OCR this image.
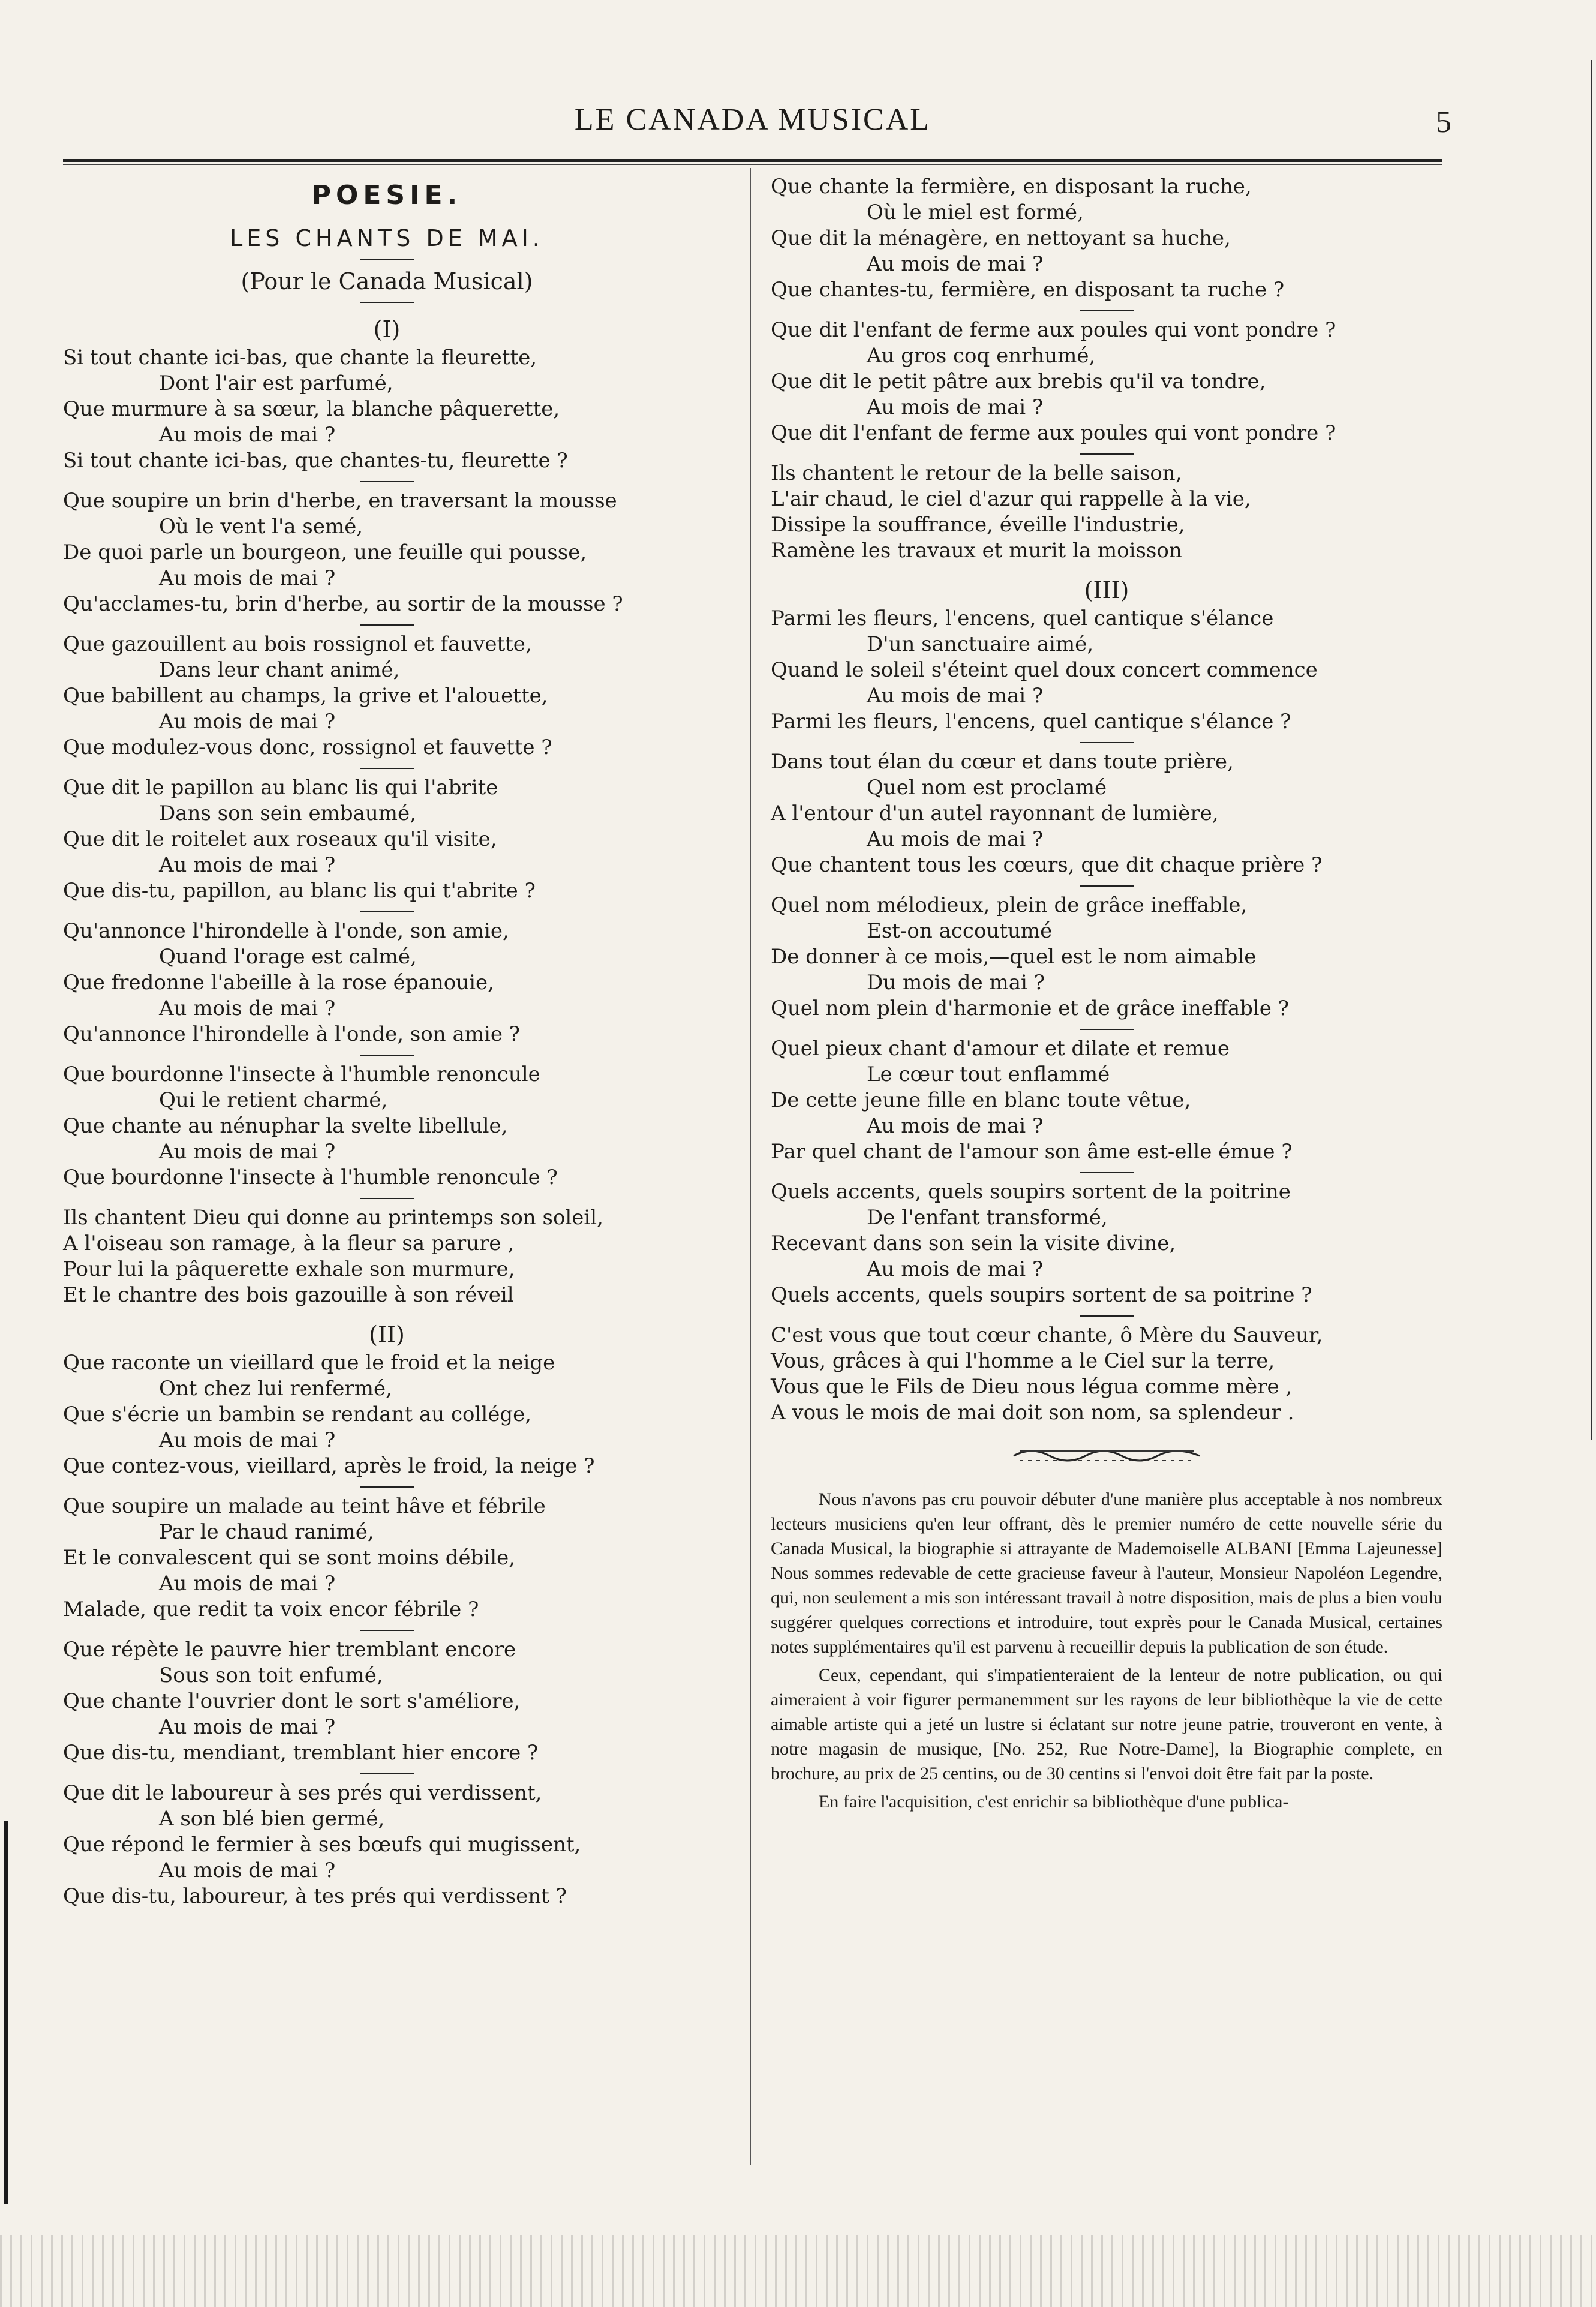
LE CANADA MUSICAL	5
POESIE.
LES CHANTS DE MAI.
(Pour le Canada Musical)
(I)
Si tout chante ici-bas, que chante la fleurette,
Dont l'air est parfumé,
Que murmure à sa sœur, la blanche pâquerette,
Au mois de mai ?
Si tout chante ici-bas, que chantes-tu, fleurette ?
Que soupire un brin d'herbe, en traversant la mousse
Où le vent l'a semé,
De quoi parle un bourgeon, une feuille qui pousse,
Au mois de mai ?
Qu'acclames-tu, brin d'herbe, au sortir de la mousse ?
Que gazouillent au bois rossignol et fauvette,
Dans leur chant animé,
Que babillent au champs, la grive et l'alouette,
Au mois de mai ?
Que modulez-vous donc, rossignol et fauvette ?
Que dit le papillon au blanc lis qui l'abrite
Dans son sein embaumé,
Que dit le roitelet aux roseaux qu'il visite,
Au mois de mai ?
Que dis-tu, papillon, au blanc lis qui t'abrite ?
Qu'annonce l'hirondelle à l'onde, son amie,
Quand l'orage est calmé,
Que fredonne l'abeille à la rose épanouie,
Au mois de mai ?
Qu'annonce l'hirondelle à l'onde, son amie ?
Que bourdonne l'insecte à l'humble renoncule
Qui le retient charmé,
Que chante au nénuphar la svelte libellule,
Au mois de mai ?
Que bourdonne l'insecte à l'humble renoncule ?
Ils chantent Dieu qui donne au printemps son soleil,
A l'oiseau son ramage, à la fleur sa parure ,
Pour lui la pâquerette exhale son murmure,
Et le chantre des bois gazouille à son réveil
(II)
Que raconte un vieillard que le froid et la neige
Ont chez lui renfermé,
Que s'écrie un bambin se rendant au collége,
Au mois de mai ?
Que contez-vous, vieillard, après le froid, la neige ?
Que soupire un malade au teint hâve et fébrile
Par le chaud ranimé,
Et le convalescent qui se sont moins débile,
Au mois de mai ?
Malade, que redit ta voix encor fébrile ?
Que répète le pauvre hier tremblant encore
Sous son toit enfumé,
Que chante l'ouvrier dont le sort s'améliore,
Au mois de mai ?
Que dis-tu, mendiant, tremblant hier encore ?
Que dit le laboureur à ses prés qui verdissent,
A son blé bien germé,
Que répond le fermier à ses bœufs qui mugissent,
Au mois de mai ?
Que dis-tu, laboureur, à tes prés qui verdissent ?
Que chante la fermière, en disposant la ruche,
Où le miel est formé,
Que dit la ménagère, en nettoyant sa huche,
Au mois de mai ?
Que chantes-tu, fermière, en disposant ta ruche ?
Que dit l'enfant de ferme aux poules qui vont pondre ?
Au gros coq enrhumé,
Que dit le petit pâtre aux brebis qu'il va tondre,
Au mois de mai ?
Que dit l'enfant de ferme aux poules qui vont pondre ?
Ils chantent le retour de la belle saison,
L'air chaud, le ciel d'azur qui rappelle à la vie,
Dissipe la souffrance, éveille l'industrie,
Ramène les travaux et murit la moisson
(III)
Parmi les fleurs, l'encens, quel cantique s'élance
D'un sanctuaire aimé,
Quand le soleil s'éteint quel doux concert commence
Au mois de mai ?
Parmi les fleurs, l'encens, quel cantique s'élance ?
Dans tout élan du cœur et dans toute prière,
Quel nom est proclamé
A l'entour d'un autel rayonnant de lumière,
Au mois de mai ?
Que chantent tous les cœurs, que dit chaque prière ?
Quel nom mélodieux, plein de grâce ineffable,
Est-on accoutumé
De donner à ce mois,—quel est le nom aimable
Du mois de mai ?
Quel nom plein d'harmonie et de grâce ineffable ?
Quel pieux chant d'amour et dilate et remue
Le cœur tout enflammé
De cette jeune fille en blanc toute vêtue,
Au mois de mai ?
Par quel chant de l'amour son âme est-elle émue ?
Quels accents, quels soupirs sortent de la poitrine
De l'enfant transformé,
Recevant dans son sein la visite divine,
Au mois de mai ?
Quels accents, quels soupirs sortent de sa poitrine ?
C'est vous que tout cœur chante, ô Mère du Sauveur,
Vous, grâces à qui l'homme a le Ciel sur la terre,
Vous que le Fils de Dieu nous légua comme mère ,
A vous le mois de mai doit son nom, sa splendeur .

Nous n'avons pas cru pouvoir débuter d'une manière plus acceptable à nos nombreux lecteurs musiciens qu'en leur offrant, dès le premier numéro de cette nouvelle série du Canada Musical, la biographie si attrayante de Mademoiselle ALBANI [Emma Lajeunesse] Nous sommes redevable de cette gracieuse faveur à l'auteur, Monsieur Napoléon Legendre, qui, non seulement a mis son intéressant travail à notre disposition, mais de plus a bien voulu suggérer quelques corrections et introduire, tout exprès pour le Canada Musical, certaines notes supplémentaires qu'il est parvenu à recueillir depuis la publication de son étude.

Ceux, cependant, qui s'impatienteraient de la lenteur de notre publication, ou qui aimeraient à voir figurer permanemment sur les rayons de leur bibliothèque la vie de cette aimable artiste qui a jeté un lustre si éclatant sur notre jeune patrie, trouveront en vente, à notre magasin de musique, [No. 252, Rue Notre-Dame], la Biographie complete, en brochure, au prix de 25 centins, ou de 30 centins si l'envoi doit être fait par la poste.

En faire l'acquisition, c'est enrichir sa bibliothèque d'une publica-
